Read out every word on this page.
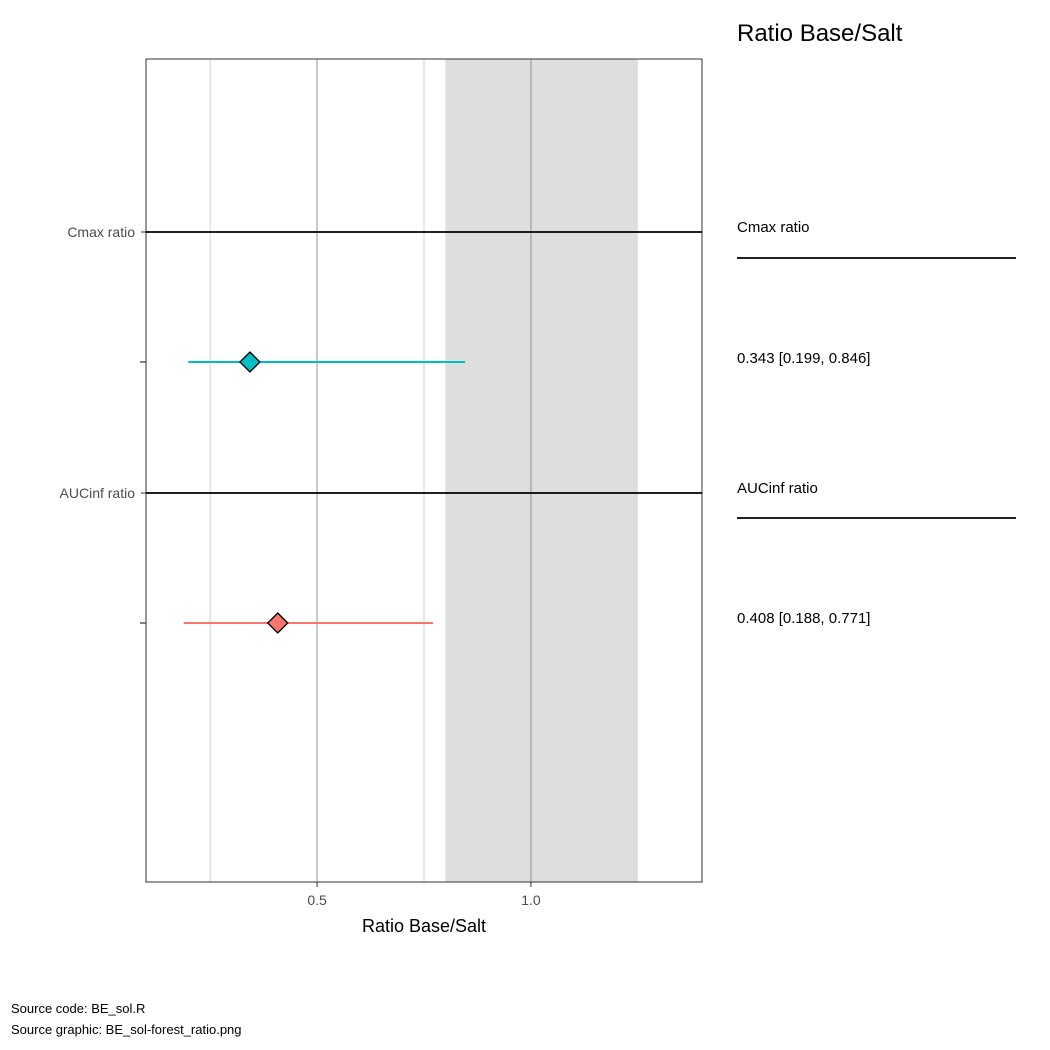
Cmax ratio
AUCinf ratio
0.5	1.0
Ratio Base/Salt
Ratio Base/Salt
Cmax ratio
0.343 [0.199, 0.846]
AUCinf ratio
0.408 [0.188, 0.771]
Source code: BE_sol.R
Source graphic: BE_sol-forest_ratio.png
